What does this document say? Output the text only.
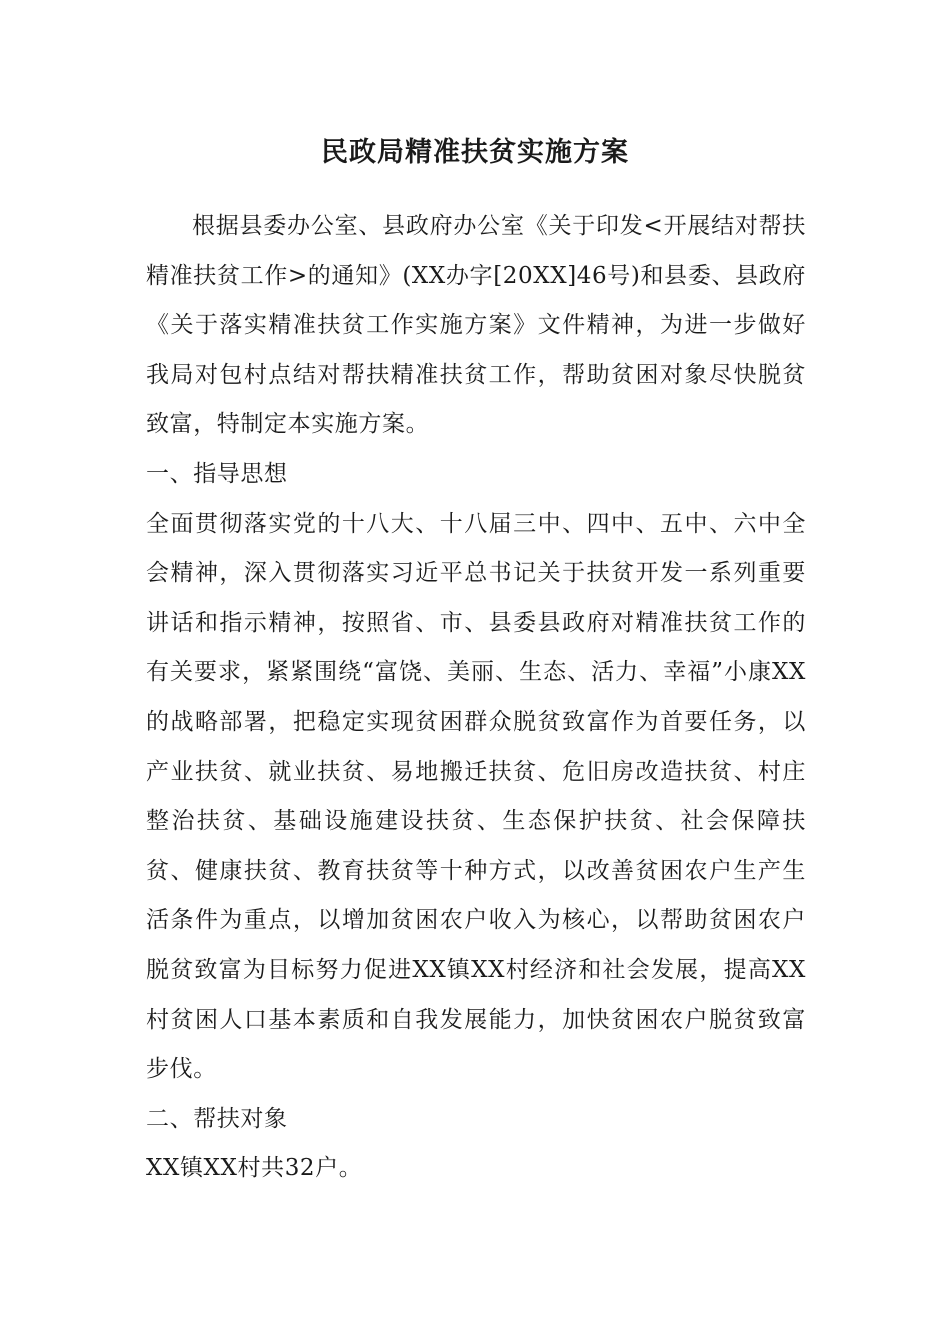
民政局精准扶贫实施方案

根据县委办公室、县政府办公室《关于印发<开展结对帮扶精准扶贫工作>的通知》(XX办字[20XX]46号)和县委、县政府《关于落实精准扶贫工作实施方案》文件精神，为进一步做好我局对包村点结对帮扶精准扶贫工作，帮助贫困对象尽快脱贫致富，特制定本实施方案。

一、指导思想

全面贯彻落实党的十八大、十八届三中、四中、五中、六中全会精神，深入贯彻落实习近平总书记关于扶贫开发一系列重要讲话和指示精神，按照省、市、县委县政府对精准扶贫工作的有关要求，紧紧围绕“富饶、美丽、生态、活力、幸福”小康XX的战略部署，把稳定实现贫困群众脱贫致富作为首要任务，以产业扶贫、就业扶贫、易地搬迁扶贫、危旧房改造扶贫、村庄整治扶贫、基础设施建设扶贫、生态保护扶贫、社会保障扶贫、健康扶贫、教育扶贫等十种方式，以改善贫困农户生产生活条件为重点，以增加贫困农户收入为核心，以帮助贫困农户脱贫致富为目标努力促进XX镇XX村经济和社会发展，提高XX村贫困人口基本素质和自我发展能力，加快贫困农户脱贫致富步伐。

二、帮扶对象

XX镇XX村共32户。
